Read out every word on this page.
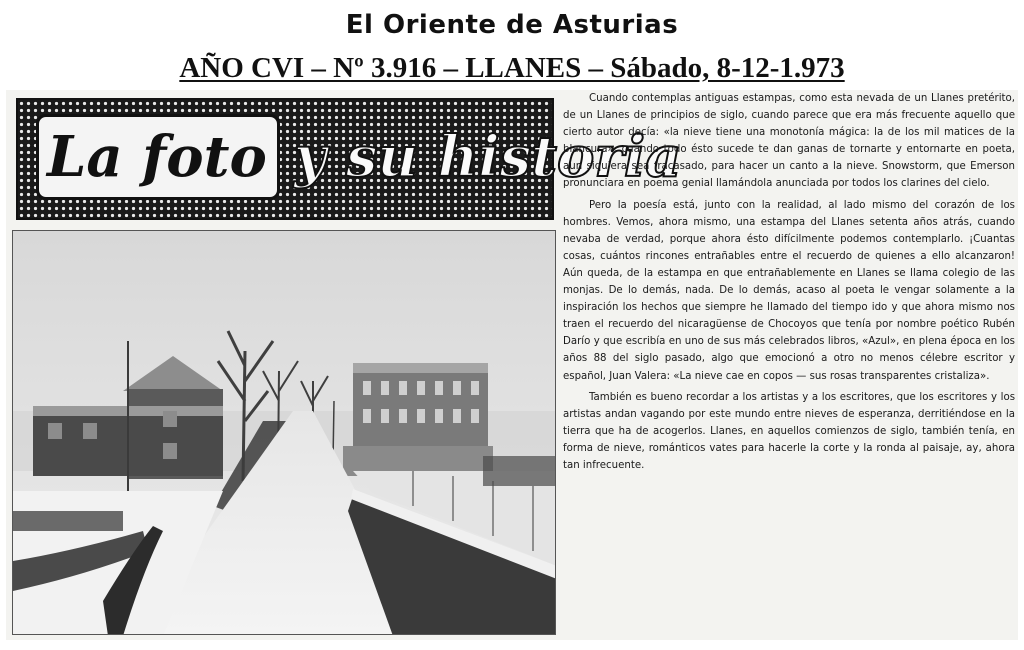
El Oriente de Asturias
AÑO CVI – Nº 3.916 – LLANES – Sábado, 8-12-1.973
La foto y su historia

Cuando contemplas antiguas estampas, como esta nevada de un Llanes pretérito, de un Llanes de principios de siglo, cuando parece que era más frecuente aquello que cierto autor decía: «la nieve tiene una monotonía mágica: la de los mil matices de la blancura», cuando todo ésto sucede te dan ganas de tornarte y entornarte en poeta, aun siquiera sea fracasado, para hacer un canto a la nieve. Snowstorm, que Emerson pronunciara en poema genial llamándola anunciada por todos los clarines del cielo.

Pero la poesía está, junto con la realidad, al lado mismo del corazón de los hombres. Vemos, ahora mismo, una estampa del Llanes setenta años atrás, cuando nevaba de verdad, porque ahora ésto difícilmente podemos contemplarlo. ¡Cuantas cosas, cuántos rincones entrañables entre el recuerdo de quienes a ello alcanzaron! Aún queda, de la estampa en que entrañablemente en Llanes se llama colegio de las monjas. De lo demás, nada. De lo demás, acaso al poeta le vengar solamente a la inspiración los hechos que siempre he llamado del tiempo ido y que ahora mismo nos traen el recuerdo del nicaragüense de Chocoyos que tenía por nombre poético Rubén Darío y que escribía en uno de sus más celebrados libros, «Azul», en plena época en los años 88 del siglo pasado, algo que emocionó a otro no menos célebre escritor y español, Juan Valera: «La nieve cae en copos — sus rosas transparentes cristaliza».

También es bueno recordar a los artistas y a los escritores, que los escritores y los artistas andan vagando por este mundo entre nieves de esperanza, derritiéndose en la tierra que ha de acogerlos. Llanes, en aquellos comienzos de siglo, también tenía, en forma de nieve, románticos vates para hacerle la corte y la ronda al paisaje, ay, ahora tan infrecuente.
